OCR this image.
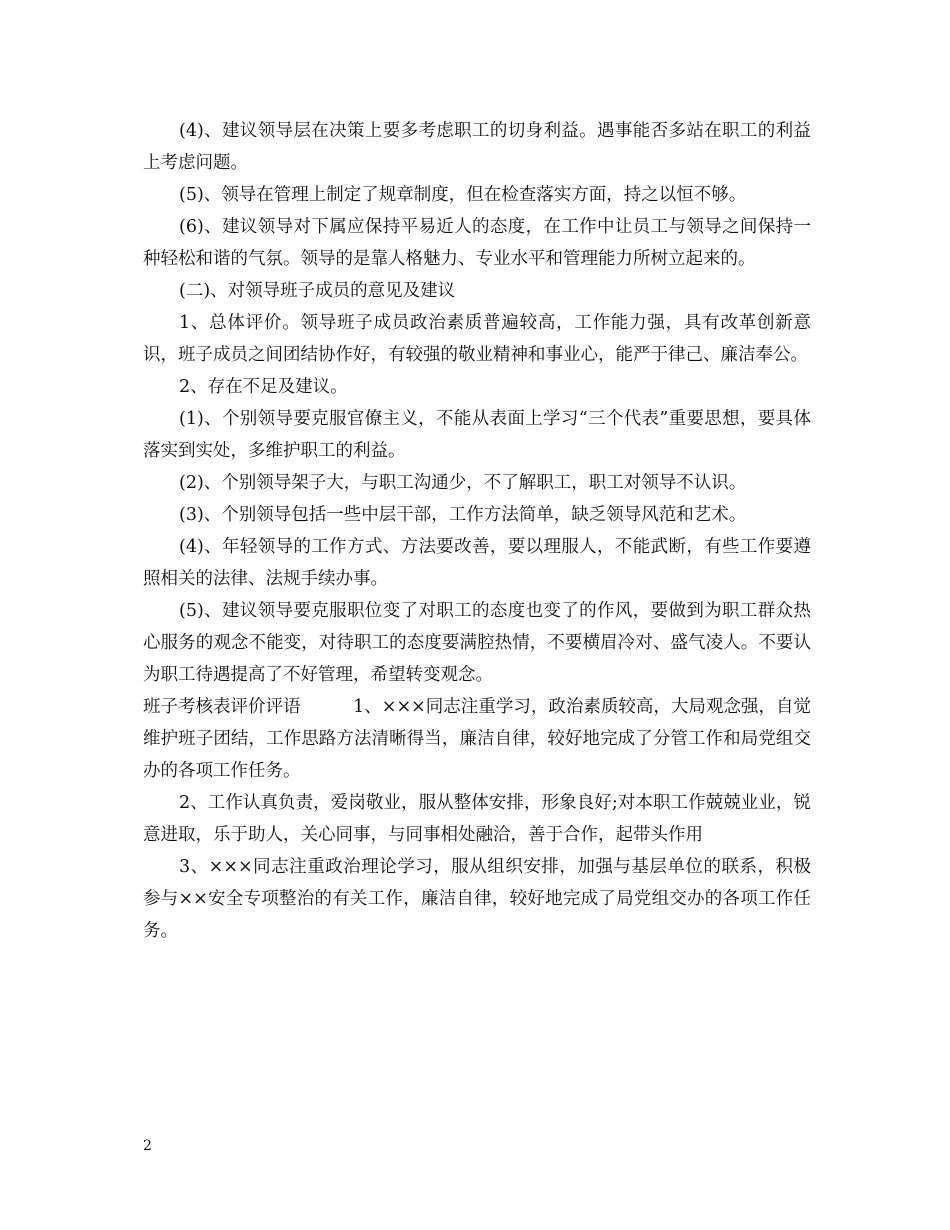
(4)、建议领导层在决策上要多考虑职工的切身利益。遇事能否多站在职工的利益上考虑问题。

(5)、领导在管理上制定了规章制度，但在检查落实方面，持之以恒不够。

(6)、建议领导对下属应保持平易近人的态度，在工作中让员工与领导之间保持一种轻松和谐的气氛。领导的是靠人格魅力、专业水平和管理能力所树立起来的。

(二)、对领导班子成员的意见及建议

1、总体评价。领导班子成员政治素质普遍较高，工作能力强，具有改革创新意识，班子成员之间团结协作好，有较强的敬业精神和事业心，能严于律己、廉洁奉公。

2、存在不足及建议。

(1)、个别领导要克服官僚主义，不能从表面上学习“三个代表”重要思想，要具体落实到实处，多维护职工的利益。

(2)、个别领导架子大，与职工沟通少，不了解职工，职工对领导不认识。

(3)、个别领导包括一些中层干部，工作方法简单，缺乏领导风范和艺术。

(4)、年轻领导的工作方式、方法要改善，要以理服人，不能武断，有些工作要遵照相关的法律、法规手续办事。

(5)、建议领导要克服职位变了对职工的态度也变了的作风，要做到为职工群众热心服务的观念不能变，对待职工的态度要满腔热情，不要横眉冷对、盛气凌人。不要认为职工待遇提高了不好管理，希望转变观念。

班子考核表评价评语　　　1、×××同志注重学习，政治素质较高，大局观念强，自觉维护班子团结，工作思路方法清晰得当，廉洁自律，较好地完成了分管工作和局党组交办的各项工作任务。

2、工作认真负责，爱岗敬业，服从整体安排，形象良好;对本职工作兢兢业业，锐意进取，乐于助人，关心同事，与同事相处融洽，善于合作，起带头作用

3、×××同志注重政治理论学习，服从组织安排，加强与基层单位的联系，积极参与××安全专项整治的有关工作，廉洁自律，较好地完成了局党组交办的各项工作任务。

2
